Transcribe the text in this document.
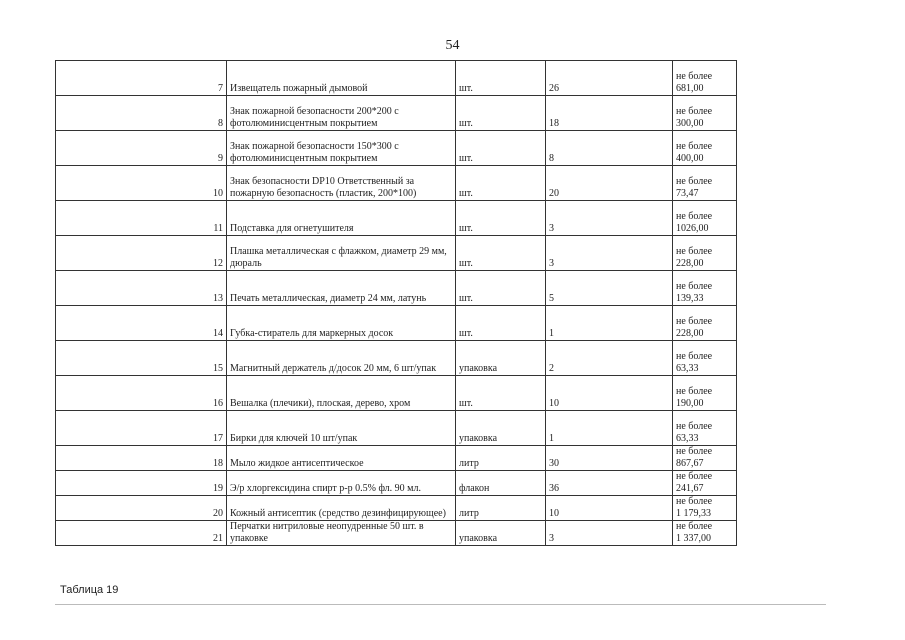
54
7	Извещатель пожарный дымовой	шт.	26	не более
681,00

8	Знак пожарной безопасности 200*200 с фотолюминисцентным покрытием	шт.	18	не более
300,00

9	Знак пожарной безопасности 150*300 с фотолюминисцентным покрытием	шт.	8	не более
400,00

10	Знак безопасности DP10 Ответственный за пожарную безопасность (пластик, 200*100)	шт.	20	не более
73,47

11	Подставка для огнетушителя	шт.	3	не более
1026,00

12	Плашка металлическая с флажком, диаметр 29 мм, дюраль	шт.	3	не более
228,00

13	Печать металлическая, диаметр 24 мм, латунь	шт.	5	не более
139,33

14	Губка-стиратель для маркерных досок	шт.	1	не более
228,00

15	Магнитный держатель д/досок 20 мм, 6 шт/упак	упаковка	2	не более
63,33

16	Вешалка (плечики), плоская, дерево, хром	шт.	10	не более
190,00

17	Бирки для ключей 10 шт/упак	упаковка	1	не более
63,33

18	Мыло жидкое антисептическое	литр	30	не более
867,67

19	Э/р хлоргексидина спирт р-р 0.5% фл. 90 мл.	флакон	36	не более
241,67

20	Кожный антисептик (средство дезинфицирующее)	литр	10	не более
1 179,33

21	Перчатки нитриловые неопудренные 50 шт. в упаковке	упаковка	3	не более
1 337,00
Таблица 19
